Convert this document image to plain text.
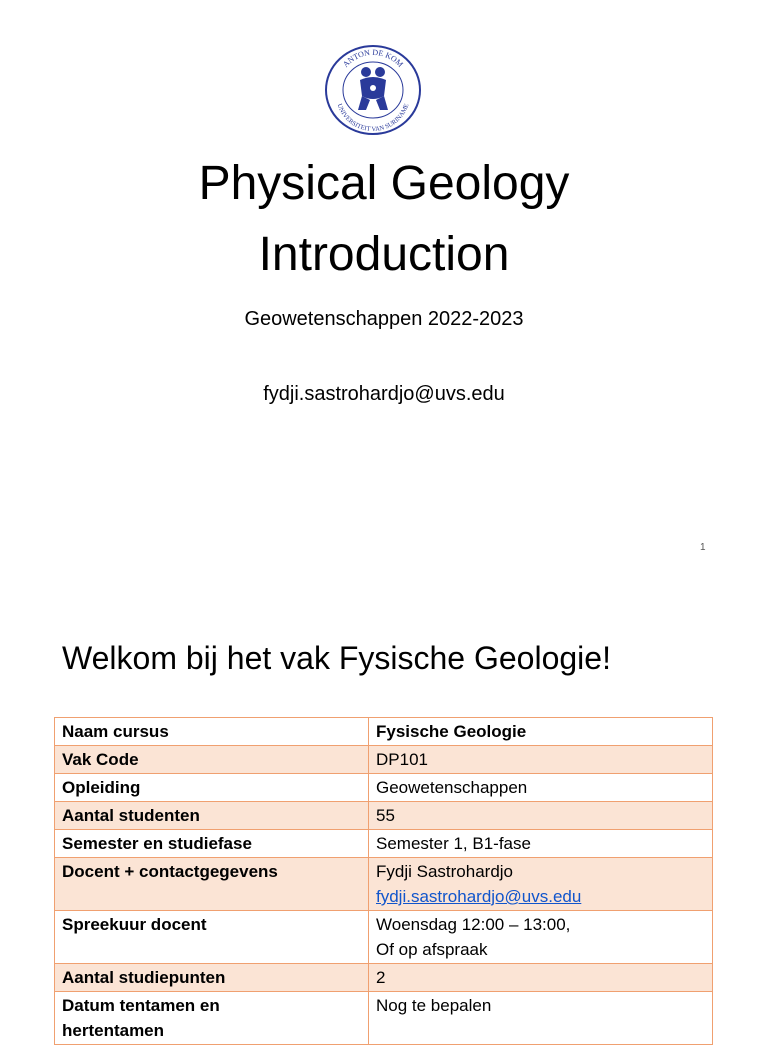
ANTON DE KOM
UNIVERSITEIT VAN SURINAME
Physical Geology
Introduction
Geowetenschappen 2022-2023
fydji.sastrohardjo@uvs.edu
1
Welkom bij het vak Fysische Geologie!
Naam cursus	Fysische Geologie
Vak Code	DP101
Opleiding	Geowetenschappen
Aantal studenten	55
Semester en studiefase	Semester 1, B1-fase
Docent + contactgegevens	Fydji Sastrohardjo
fydji.sastrohardjo@uvs.edu

Spreekuur docent	Woensdag 12:00 – 13:00,
Of op afspraak

Aantal studiepunten	2

Datum tentamen en
hertentamen	Nog te bepalen
